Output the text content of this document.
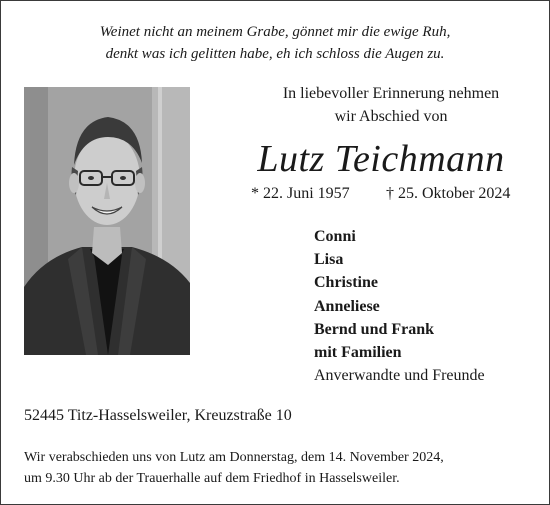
Weinet nicht an meinem Grabe, gönnet mir die ewige Ruh,
denkt was ich gelitten habe, eh ich schloss die Augen zu.
In liebevoller Erinnerung nehmen
wir Abschied von
Lutz Teichmann
* 22. Juni 1957 † 25. Oktober 2024
Conni
Lisa
Christine
Anneliese
Bernd und Frank
mit Familien
Anverwandte und Freunde
52445 Titz-Hasselsweiler, Kreuzstraße 10
Wir verabschieden uns von Lutz am Donnerstag, dem 14. November 2024,
um 9.30 Uhr ab der Trauerhalle auf dem Friedhof in Hasselsweiler.
